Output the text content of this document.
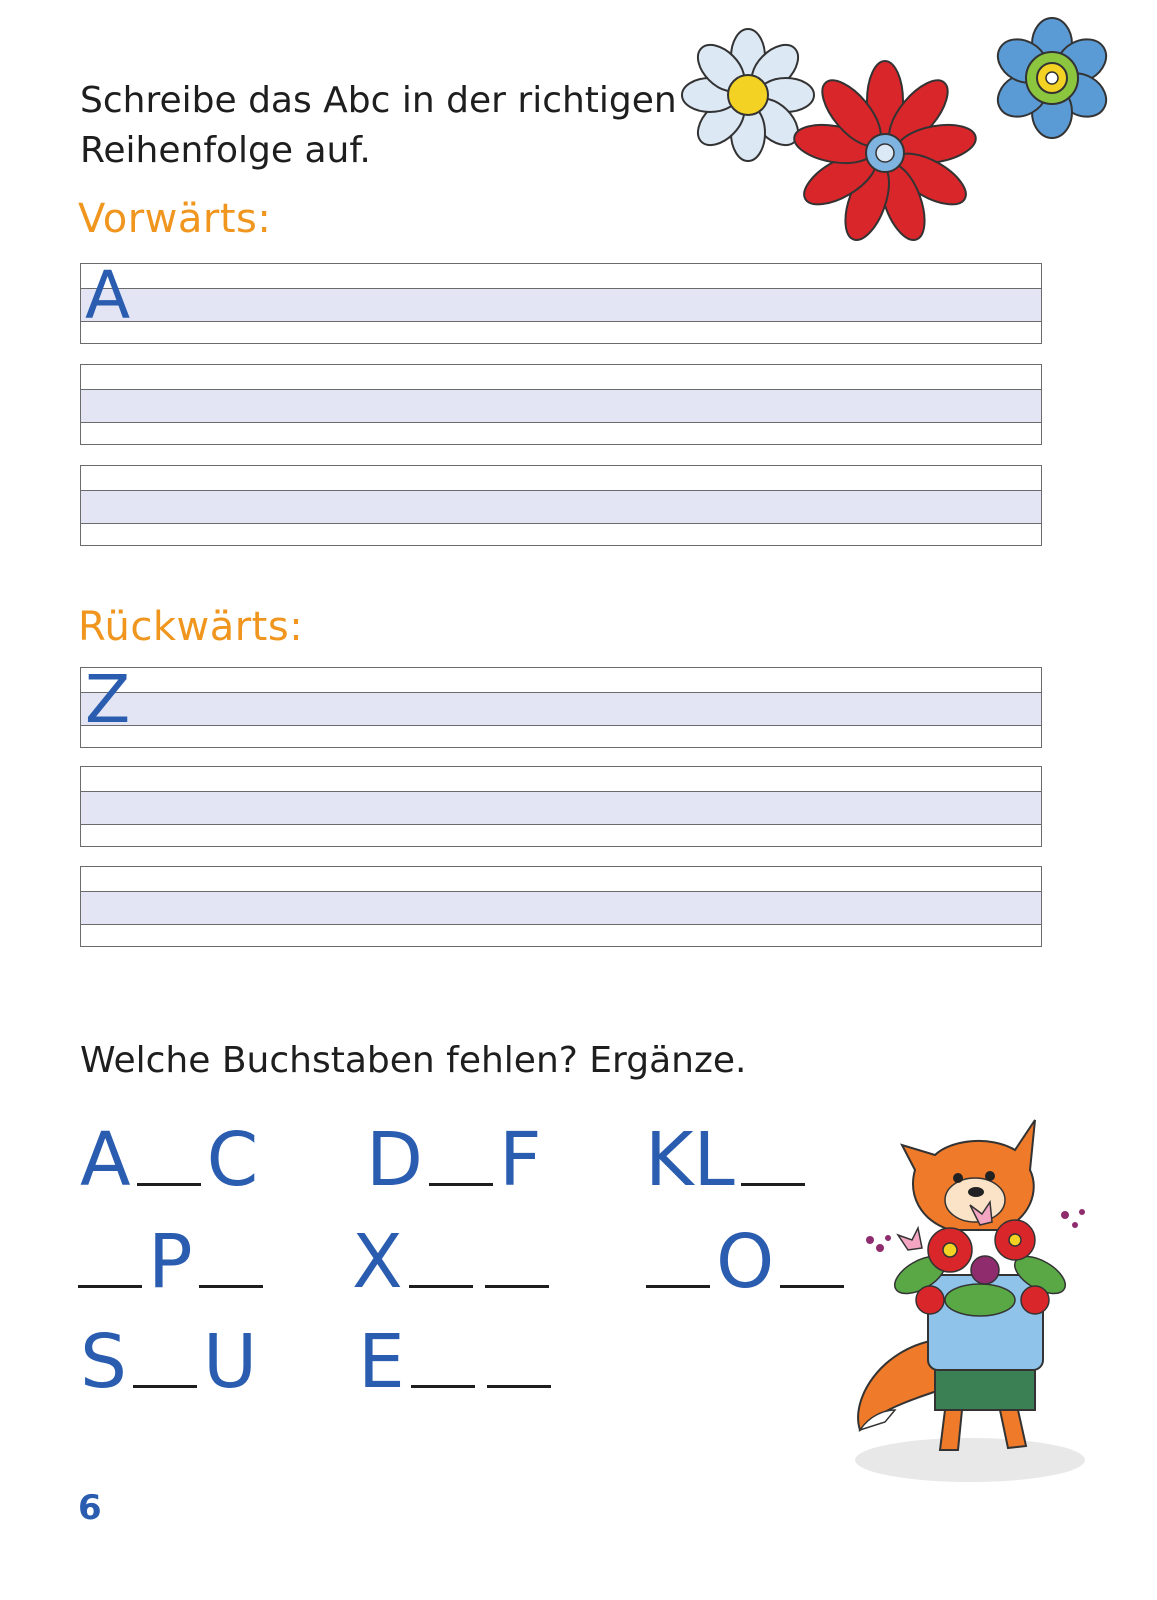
Schreibe das Abc in der richtigen
Reihenfolge auf.
Vorwärts:
A
Rückwärts:
Z
Welche Buchstaben fehlen? Ergänze.
A C D F KL
P	X	O
S U E
6
